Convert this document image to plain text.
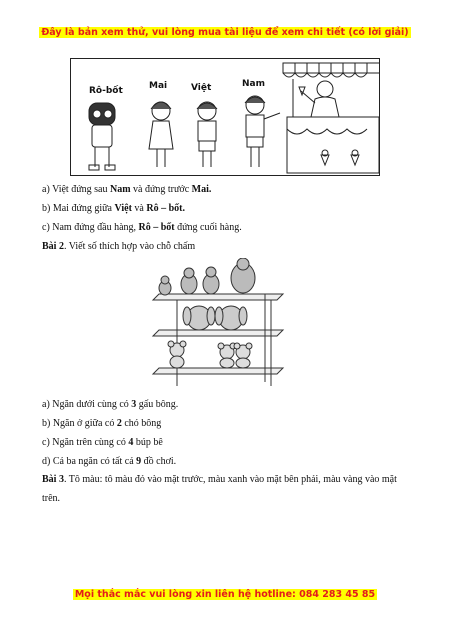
Đây là bản xem thử, vui lòng mua tài liệu để xem chi tiết (có lời giải)
Rô-bốt	Mai	Việt	Nam
a) Việt đứng sau Nam và đứng trước Mai.
b) Mai đứng giữa Việt và Rô – bốt.
c) Nam đứng đầu hàng, Rô – bốt đứng cuối hàng.
Bài 2. Viết số thích hợp vào chỗ chấm
a) Ngăn dưới cùng có 3 gấu bông.
b) Ngăn ở giữa có 2 chó bông
c) Ngăn trên cùng có 4 búp bê
d) Cả ba ngăn có tất cả 9 đồ chơi.
Bài 3. Tô màu: tô màu đỏ vào mặt trước, màu xanh vào mặt bên phải, màu vàng vào mặt trên.
Mọi thắc mắc vui lòng xin liên hệ hotline: 084 283 45 85
